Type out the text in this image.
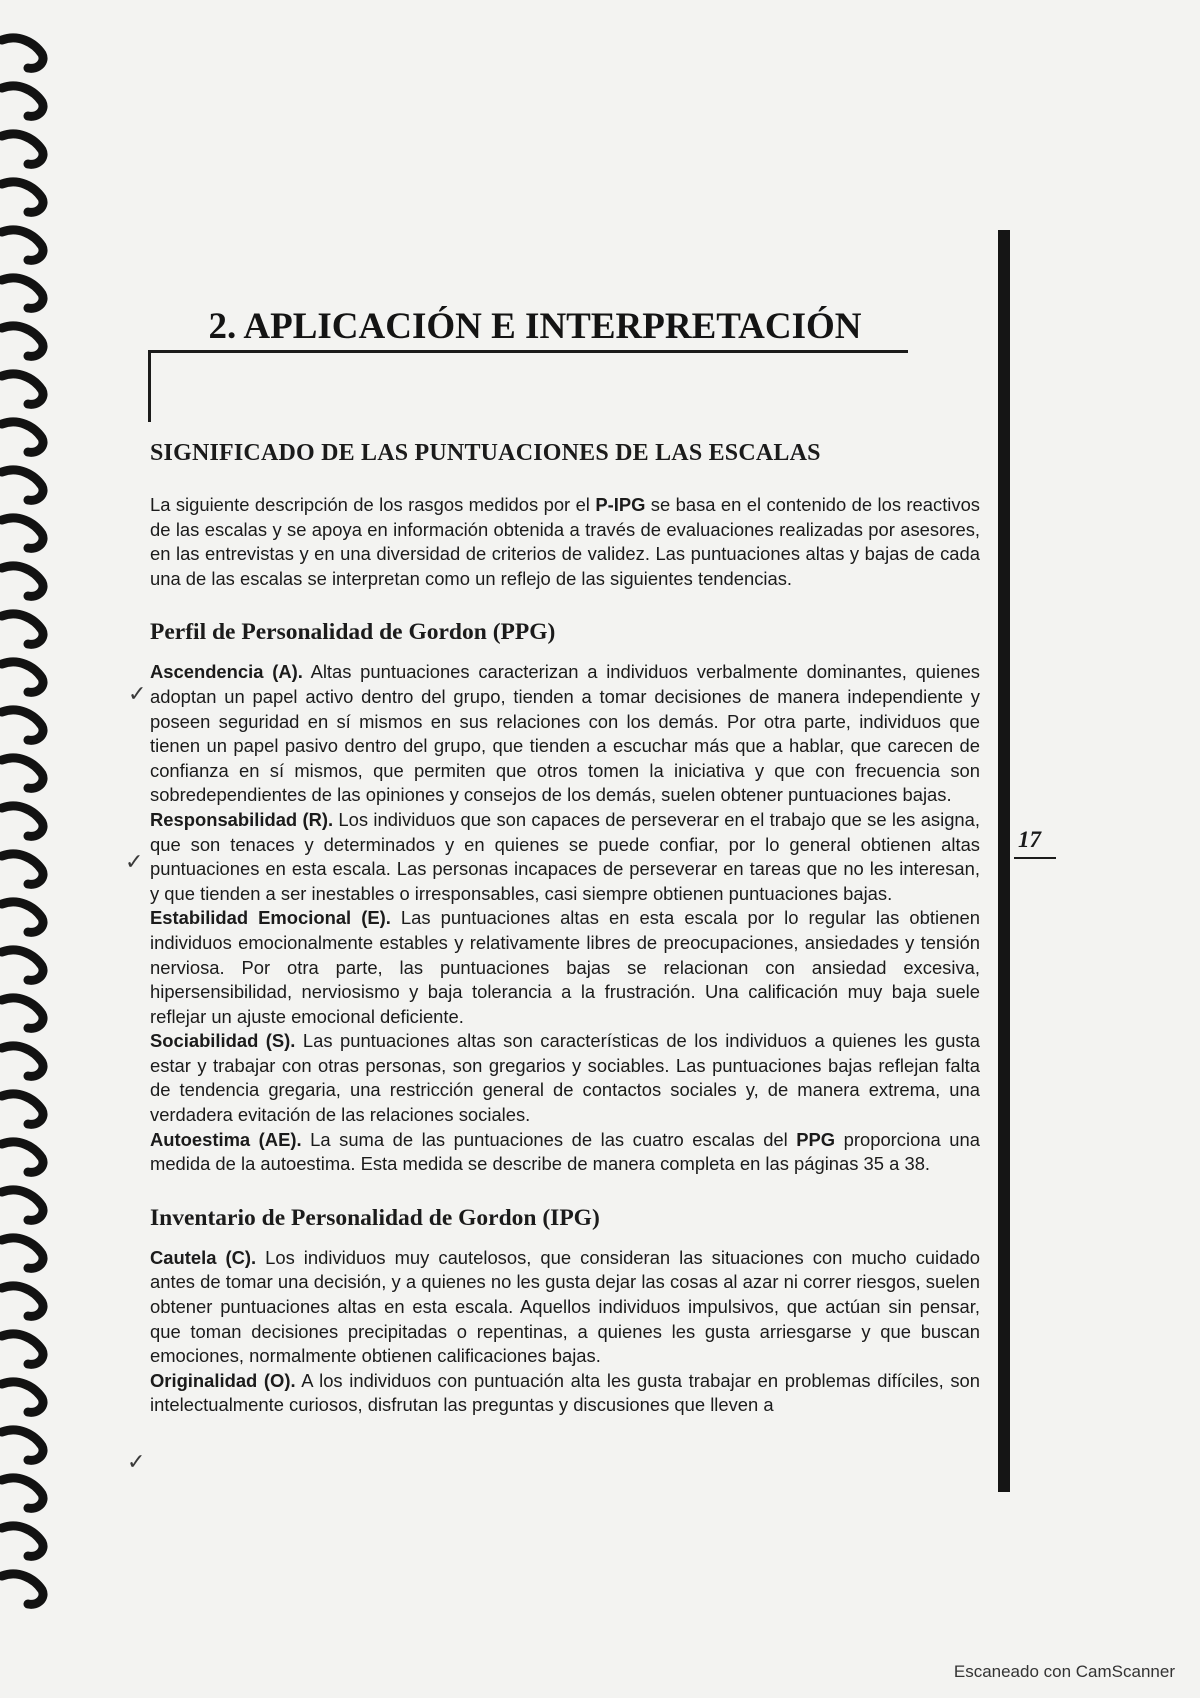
2. APLICACIÓN E INTERPRETACIÓN
17
SIGNIFICADO DE LAS PUNTUACIONES DE LAS ESCALAS

La siguiente descripción de los rasgos medidos por el P-IPG se basa en el contenido de los reactivos de las escalas y se apoya en información obtenida a través de evaluaciones realizadas por asesores, en las entrevistas y en una diversidad de criterios de validez. Las puntuaciones altas y bajas de cada una de las escalas se interpretan como un reflejo de las siguientes tendencias.

Perfil de Personalidad de Gordon (PPG)

Ascendencia (A). Altas puntuaciones caracterizan a individuos verbalmente dominantes, quienes adoptan un papel activo dentro del grupo, tienden a tomar decisiones de manera independiente y poseen seguridad en sí mismos en sus relaciones con los demás. Por otra parte, individuos que tienen un papel pasivo dentro del grupo, que tienden a escuchar más que a hablar, que carecen de confianza en sí mismos, que permiten que otros tomen la iniciativa y que con frecuencia son sobredependientes de las opiniones y consejos de los demás, suelen obtener puntuaciones bajas.

Responsabilidad (R). Los individuos que son capaces de perseverar en el trabajo que se les asigna, que son tenaces y determinados y en quienes se puede confiar, por lo general obtienen altas puntuaciones en esta escala. Las personas incapaces de perseverar en tareas que no les interesan, y que tienden a ser inestables o irresponsables, casi siempre obtienen puntuaciones bajas.

Estabilidad Emocional (E). Las puntuaciones altas en esta escala por lo regular las obtienen individuos emocionalmente estables y relativamente libres de preocupaciones, ansiedades y tensión nerviosa. Por otra parte, las puntuaciones bajas se relacionan con ansiedad excesiva, hipersensibilidad, nerviosismo y baja tolerancia a la frustración. Una calificación muy baja suele reflejar un ajuste emocional deficiente.

Sociabilidad (S). Las puntuaciones altas son características de los individuos a quienes les gusta estar y trabajar con otras personas, son gregarios y sociables. Las puntuaciones bajas reflejan falta de tendencia gregaria, una restricción general de contactos sociales y, de manera extrema, una verdadera evitación de las relaciones sociales.

Autoestima (AE). La suma de las puntuaciones de las cuatro escalas del PPG proporciona una medida de la autoestima. Esta medida se describe de manera completa en las páginas 35 a 38.

Inventario de Personalidad de Gordon (IPG)

Cautela (C). Los individuos muy cautelosos, que consideran las situaciones con mucho cuidado antes de tomar una decisión, y a quienes no les gusta dejar las cosas al azar ni correr riesgos, suelen obtener puntuaciones altas en esta escala. Aquellos individuos impulsivos, que actúan sin pensar, que toman decisiones precipitadas o repentinas, a quienes les gusta arriesgarse y que buscan emociones, normalmente obtienen calificaciones bajas.

Originalidad (O). A los individuos con puntuación alta les gusta trabajar en problemas difíciles, son intelectualmente curiosos, disfrutan las preguntas y discusiones que lleven a

✓
✓
✓
Escaneado con CamScanner
